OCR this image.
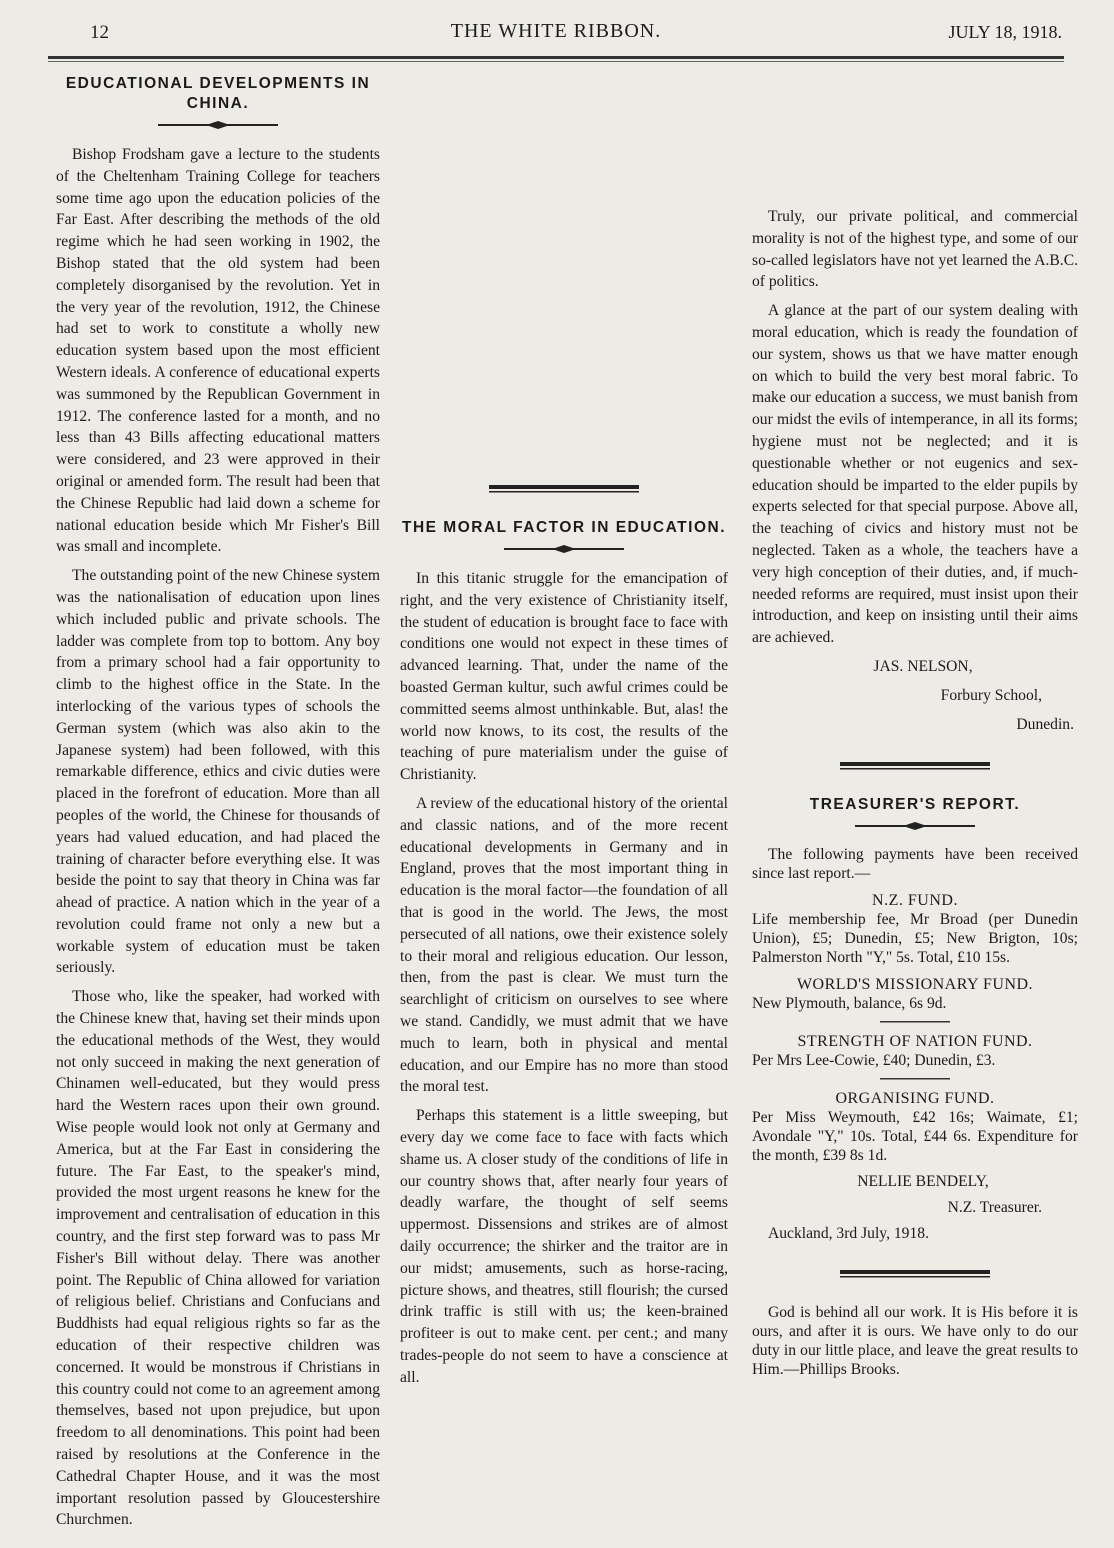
12	THE WHITE RIBBON.	JULY 18, 1918.
EDUCATIONAL DEVELOPMENTS IN CHINA.

Bishop Frodsham gave a lecture to the students of the Cheltenham Training College for teachers some time ago upon the education policies of the Far East. After describing the methods of the old regime which he had seen working in 1902, the Bishop stated that the old system had been completely disorganised by the revolution. Yet in the very year of the revolution, 1912, the Chinese had set to work to constitute a wholly new education system based upon the most efficient Western ideals. A conference of educational experts was summoned by the Republican Government in 1912. The conference lasted for a month, and no less than 43 Bills affecting educational matters were considered, and 23 were approved in their original or amended form. The result had been that the Chinese Republic had laid down a scheme for national education beside which Mr Fisher's Bill was small and incomplete.

The outstanding point of the new Chinese system was the nationalisation of education upon lines which included public and private schools. The ladder was complete from top to bottom. Any boy from a primary school had a fair opportunity to climb to the highest office in the State. In the interlocking of the various types of schools the German system (which was also akin to the Japanese system) had been followed, with this remarkable difference, ethics and civic duties were placed in the forefront of education. More than all peoples of the world, the Chinese for thousands of years had valued education, and had placed the training of character before everything else. It was beside the point to say that theory in China was far ahead of practice. A nation which in the year of a revolution could frame not only a new but a workable system of education must be taken seriously.

Those who, like the speaker, had worked with the Chinese knew that, having set their minds upon the educational methods of the West, they would not only succeed in making the next generation of Chinamen well-educated, but they would press hard the Western races upon their own ground. Wise people would look not only at Germany and America, but at the Far East in considering the future. The Far East, to the speaker's mind, provided the most urgent reasons he knew for the improvement and centralisation of education in this country, and the first step forward was to pass Mr Fisher's Bill without delay. There was another point. The Republic of China allowed for variation of religious belief. Christians and Confucians and Buddhists had equal religious rights so far as the education of their respective children was concerned. It would be monstrous if Christians in this country could not come to an agreement among themselves, based not upon prejudice, but upon freedom to all denominations. This point had been raised by resolutions at the Conference in the Cathedral Chapter House, and it was the most important resolution passed by Gloucestershire Churchmen.

THE MORAL FACTOR IN EDUCATION.

In this titanic struggle for the emancipation of right, and the very existence of Christianity itself, the student of education is brought face to face with conditions one would not expect in these times of advanced learning. That, under the name of the boasted German kultur, such awful crimes could be committed seems almost unthinkable. But, alas! the world now knows, to its cost, the results of the teaching of pure materialism under the guise of Christianity.

A review of the educational history of the oriental and classic nations, and of the more recent educational developments in Germany and in England, proves that the most important thing in education is the moral factor—the foundation of all that is good in the world. The Jews, the most persecuted of all nations, owe their existence solely to their moral and religious education. Our lesson, then, from the past is clear. We must turn the searchlight of criticism on ourselves to see where we stand. Candidly, we must admit that we have much to learn, both in physical and mental education, and our Empire has no more than stood the moral test.

Perhaps this statement is a little sweeping, but every day we come face to face with facts which shame us. A closer study of the conditions of life in our country shows that, after nearly four years of deadly warfare, the thought of self seems uppermost. Dissensions and strikes are of almost daily occurrence; the shirker and the traitor are in our midst; amusements, such as horse-racing, picture shows, and theatres, still flourish; the cursed drink traffic is still with us; the keen-brained profiteer is out to make cent. per cent.; and many trades-people do not seem to have a conscience at all.

Truly, our private political, and commercial morality is not of the highest type, and some of our so-called legislators have not yet learned the A.B.C. of politics.

A glance at the part of our system dealing with moral education, which is ready the foundation of our system, shows us that we have matter enough on which to build the very best moral fabric. To make our education a success, we must banish from our midst the evils of intemperance, in all its forms; hygiene must not be neglected; and it is questionable whether or not eugenics and sex-education should be imparted to the elder pupils by experts selected for that special purpose. Above all, the teaching of civics and history must not be neglected. Taken as a whole, the teachers have a very high conception of their duties, and, if much-needed reforms are required, must insist upon their introduction, and keep on insisting until their aims are achieved.

JAS. NELSON,

Forbury School,

Dunedin.

TREASURER'S REPORT.

The following payments have been received since last report.—

N.Z. FUND.

Life membership fee, Mr Broad (per Dunedin Union), £5; Dunedin, £5; New Brigton, 10s; Palmerston North "Y," 5s. Total, £10 15s.

WORLD'S MISSIONARY FUND.

New Plymouth, balance, 6s 9d.

STRENGTH OF NATION FUND.

Per Mrs Lee-Cowie, £40; Dunedin, £3.

ORGANISING FUND.

Per Miss Weymouth, £42 16s; Waimate, £1; Avondale "Y," 10s. Total, £44 6s. Expenditure for the month, £39 8s 1d.

NELLIE BENDELY,

N.Z. Treasurer.

Auckland, 3rd July, 1918.

God is behind all our work. It is His before it is ours, and after it is ours. We have only to do our duty in our little place, and leave the great results to Him.—Phillips Brooks.
